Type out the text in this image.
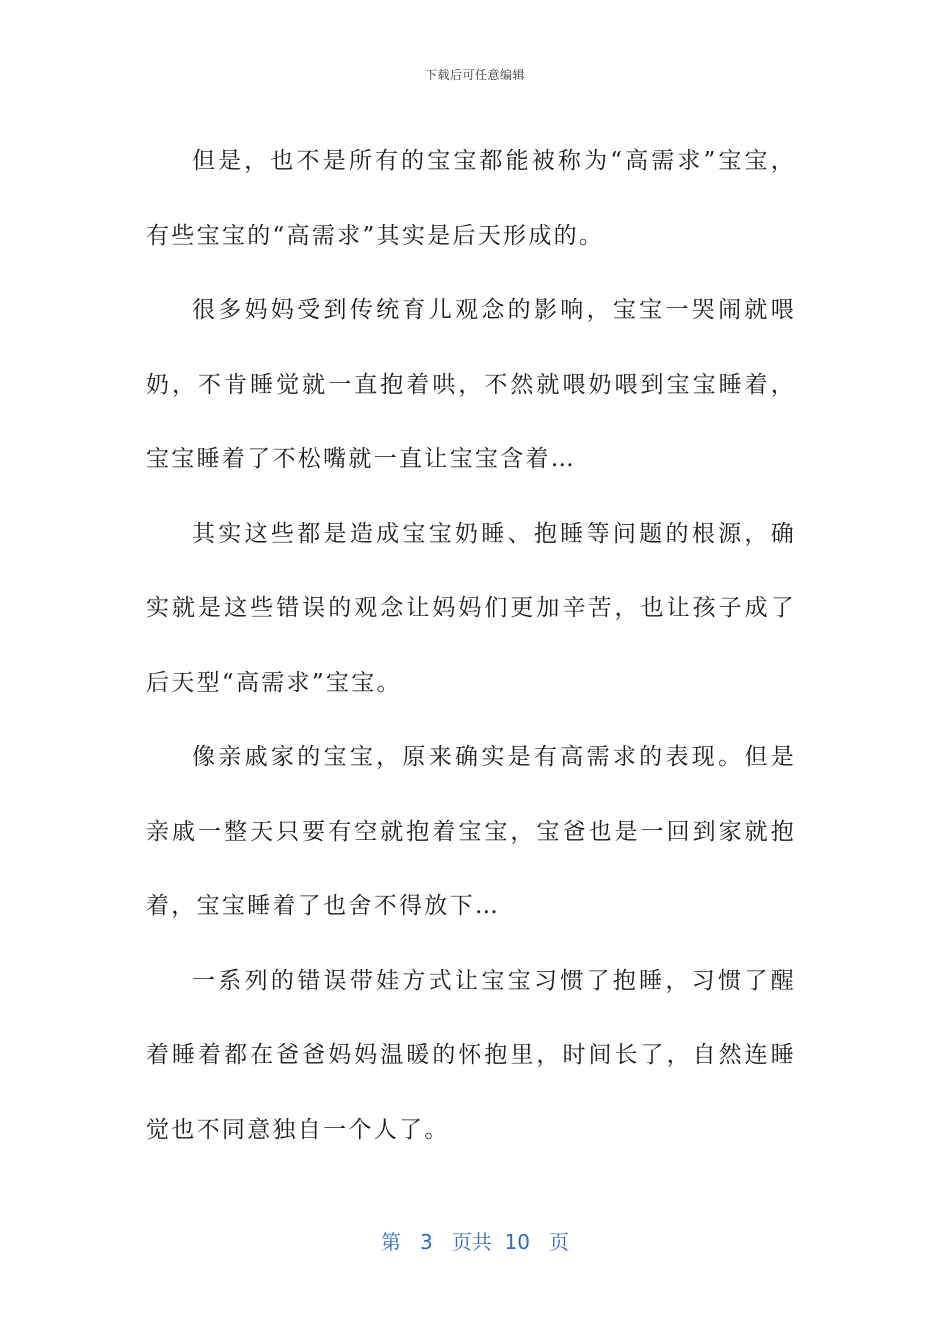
下载后可任意编辑

但是，也不是所有的宝宝都能被称为“高需求”宝宝，有些宝宝的“高需求”其实是后天形成的。

很多妈妈受到传统育儿观念的影响，宝宝一哭闹就喂奶，不肯睡觉就一直抱着哄，不然就喂奶喂到宝宝睡着，宝宝睡着了不松嘴就一直让宝宝含着…

其实这些都是造成宝宝奶睡、抱睡等问题的根源，确实就是这些错误的观念让妈妈们更加辛苦，也让孩子成了后天型“高需求”宝宝。

像亲戚家的宝宝，原来确实是有高需求的表现。但是亲戚一整天只要有空就抱着宝宝，宝爸也是一回到家就抱着，宝宝睡着了也舍不得放下…

一系列的错误带娃方式让宝宝习惯了抱睡，习惯了醒着睡着都在爸爸妈妈温暖的怀抱里，时间长了，自然连睡觉也不同意独自一个人了。

第 3 页共 10 页
